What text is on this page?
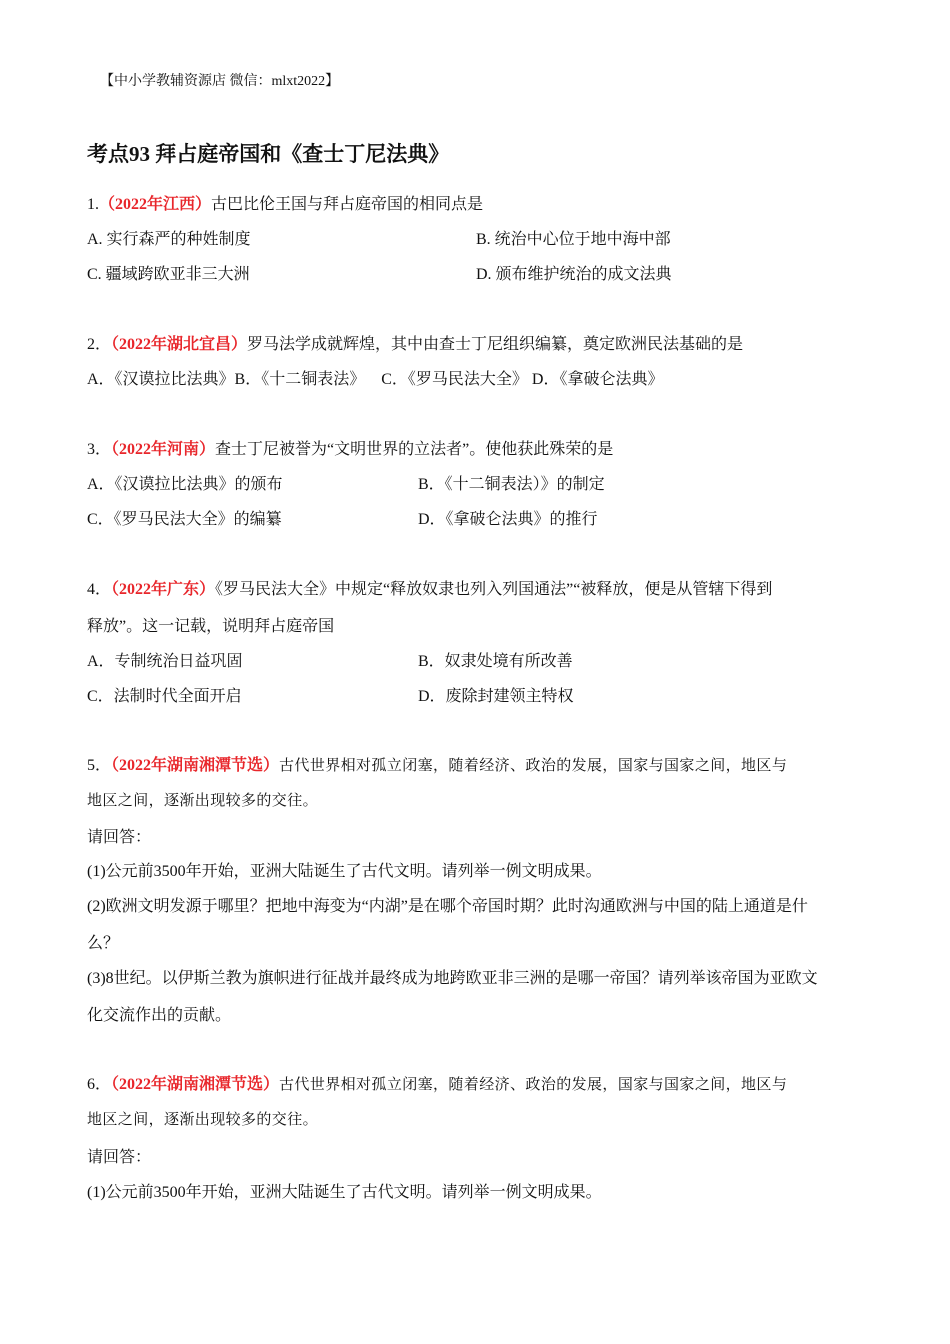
【中小学教辅资源店 微信：mlxt2022】
考点93 拜占庭帝国和《查士丁尼法典》
1.（2022年江西）古巴比伦王国与拜占庭帝国的相同点是
A. 实行森严的种姓制度	B. 统治中心位于地中海中部
C. 疆域跨欧亚非三大洲	D. 颁布维护统治的成文法典
2．（2022年湖北宜昌）罗马法学成就辉煌，其中由查士丁尼组织编纂，奠定欧洲民法基础的是
A．《汉谟拉比法典》B．《十二铜表法》    C．《罗马民法大全》 D．《拿破仑法典》
3．（2022年河南）查士丁尼被誉为“文明世界的立法者”。使他获此殊荣的是
A．《汉谟拉比法典》的颁布	B．《十二铜表法）》的制定
C．《罗马民法大全》的编纂	D．《拿破仑法典》的推行
4．（2022年广东）《罗马民法大全》中规定“释放奴隶也列入列国通法”“被释放，便是从管辖下得到
释放”。这一记载，说明拜占庭帝国
A．专制统治日益巩固	B．奴隶处境有所改善
C．法制时代全面开启	D．废除封建领主特权
5．（2022年湖南湘潭节选）古代世界相对孤立闭塞，随着经济、政治的发展，国家与国家之间，地区与
地区之间，逐渐出现较多的交往。
请回答：
(1)公元前3500年开始，亚洲大陆诞生了古代文明。请列举一例文明成果。
(2)欧洲文明发源于哪里？把地中海变为“内湖”是在哪个帝国时期？此时沟通欧洲与中国的陆上通道是什
么？
(3)8世纪。以伊斯兰教为旗帜进行征战并最终成为地跨欧亚非三洲的是哪一帝国？请列举该帝国为亚欧文
化交流作出的贡献。
6．（2022年湖南湘潭节选）古代世界相对孤立闭塞，随着经济、政治的发展，国家与国家之间，地区与
地区之间，逐渐出现较多的交往。
请回答：
(1)公元前3500年开始，亚洲大陆诞生了古代文明。请列举一例文明成果。
